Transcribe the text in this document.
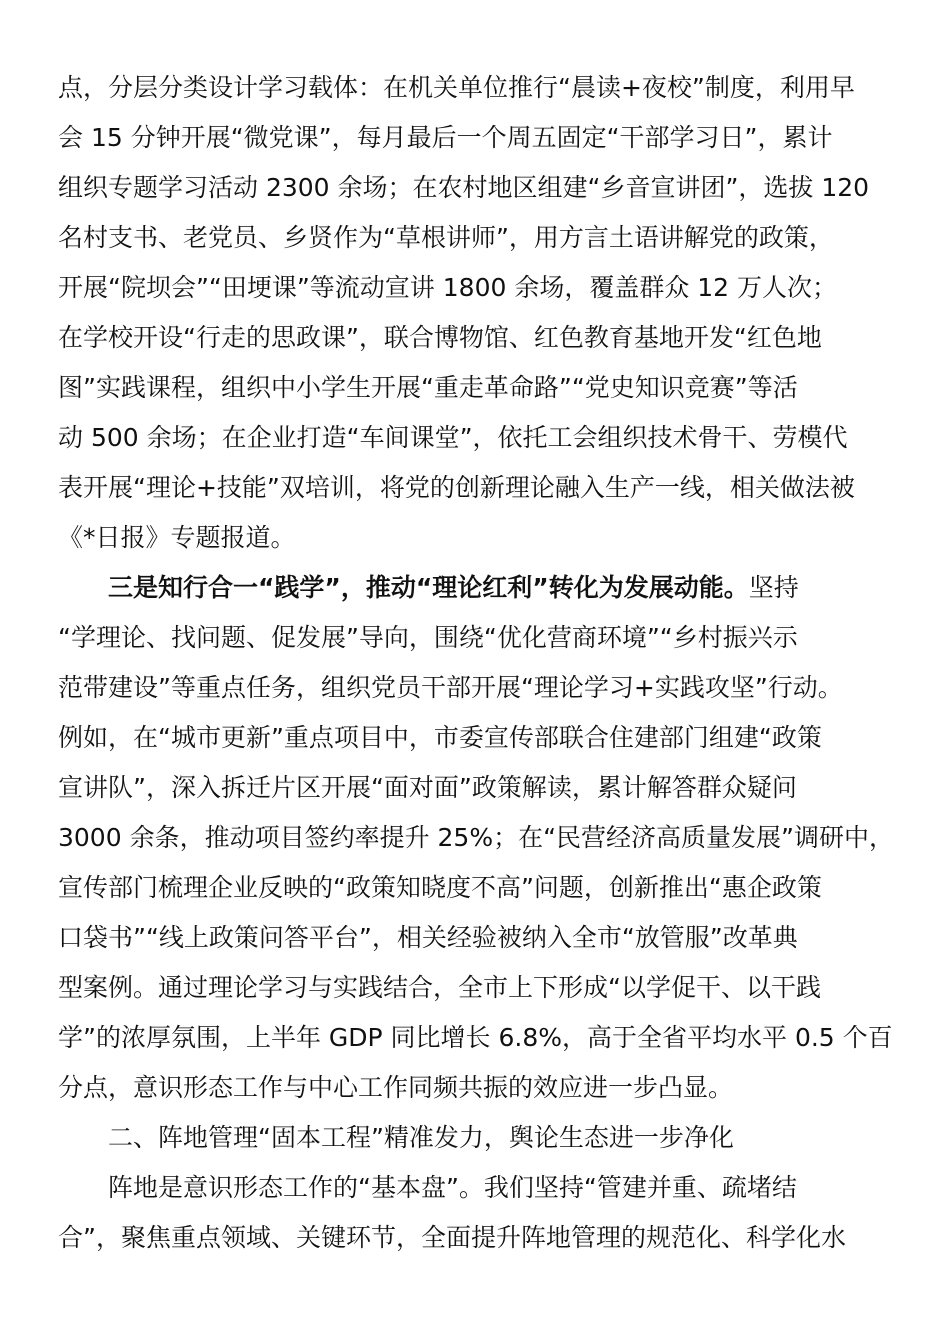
点，分层分类设计学习载体：在机关单位推行“晨读+夜校”制度，利用早
会 15 分钟开展“微党课”，每月最后一个周五固定“干部学习日”，累计
组织专题学习活动 2300 余场；在农村地区组建“乡音宣讲团”，选拔 120
名村支书、老党员、乡贤作为“草根讲师”，用方言土语讲解党的政策，
开展“院坝会”“田埂课”等流动宣讲 1800 余场，覆盖群众 12 万人次；
在学校开设“行走的思政课”，联合博物馆、红色教育基地开发“红色地
图”实践课程，组织中小学生开展“重走革命路”“党史知识竞赛”等活
动 500 余场；在企业打造“车间课堂”，依托工会组织技术骨干、劳模代
表开展“理论+技能”双培训，将党的创新理论融入生产一线，相关做法被
《*日报》专题报道。
三是知行合一“践学”，推动“理论红利”转化为发展动能。坚持
“学理论、找问题、促发展”导向，围绕“优化营商环境”“乡村振兴示
范带建设”等重点任务，组织党员干部开展“理论学习+实践攻坚”行动。
例如，在“城市更新”重点项目中，市委宣传部联合住建部门组建“政策
宣讲队”，深入拆迁片区开展“面对面”政策解读，累计解答群众疑问
3000 余条，推动项目签约率提升 25%；在“民营经济高质量发展”调研中，
宣传部门梳理企业反映的“政策知晓度不高”问题，创新推出“惠企政策
口袋书”“线上政策问答平台”，相关经验被纳入全市“放管服”改革典
型案例。通过理论学习与实践结合，全市上下形成“以学促干、以干践
学”的浓厚氛围，上半年 GDP 同比增长 6.8%，高于全省平均水平 0.5 个百
分点，意识形态工作与中心工作同频共振的效应进一步凸显。
二、阵地管理“固本工程”精准发力，舆论生态进一步净化
阵地是意识形态工作的“基本盘”。我们坚持“管建并重、疏堵结
合”，聚焦重点领域、关键环节，全面提升阵地管理的规范化、科学化水
